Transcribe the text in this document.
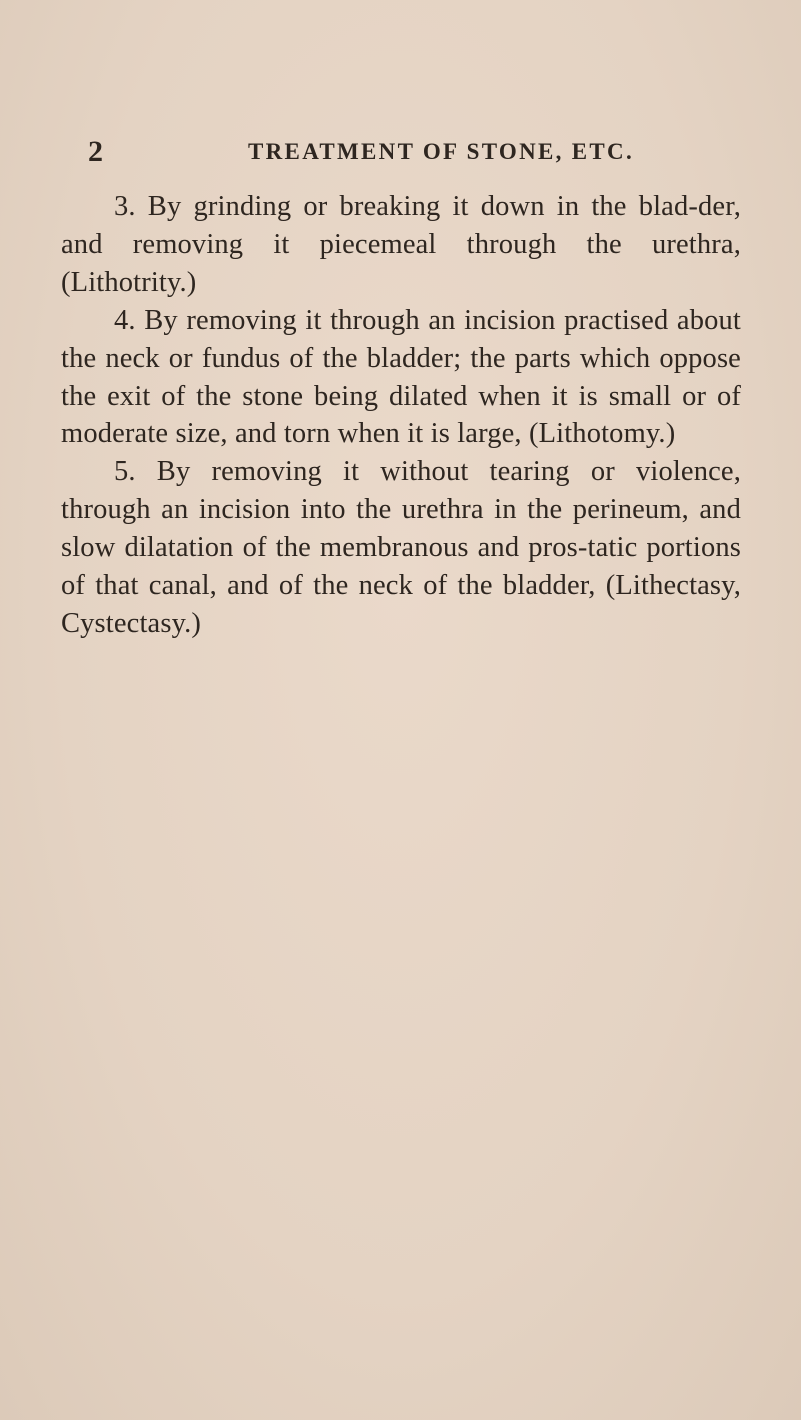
2	TREATMENT OF STONE, ETC.

3. By grinding or breaking it down in the blad-der, and removing it piecemeal through the urethra, (Lithotrity.)

4. By removing it through an incision practised about the neck or fundus of the bladder; the parts which oppose the exit of the stone being dilated when it is small or of moderate size, and torn when it is large, (Lithotomy.)

5. By removing it without tearing or violence, through an incision into the urethra in the perineum, and slow dilatation of the membranous and pros-tatic portions of that canal, and of the neck of the bladder, (Lithectasy, Cystectasy.)
